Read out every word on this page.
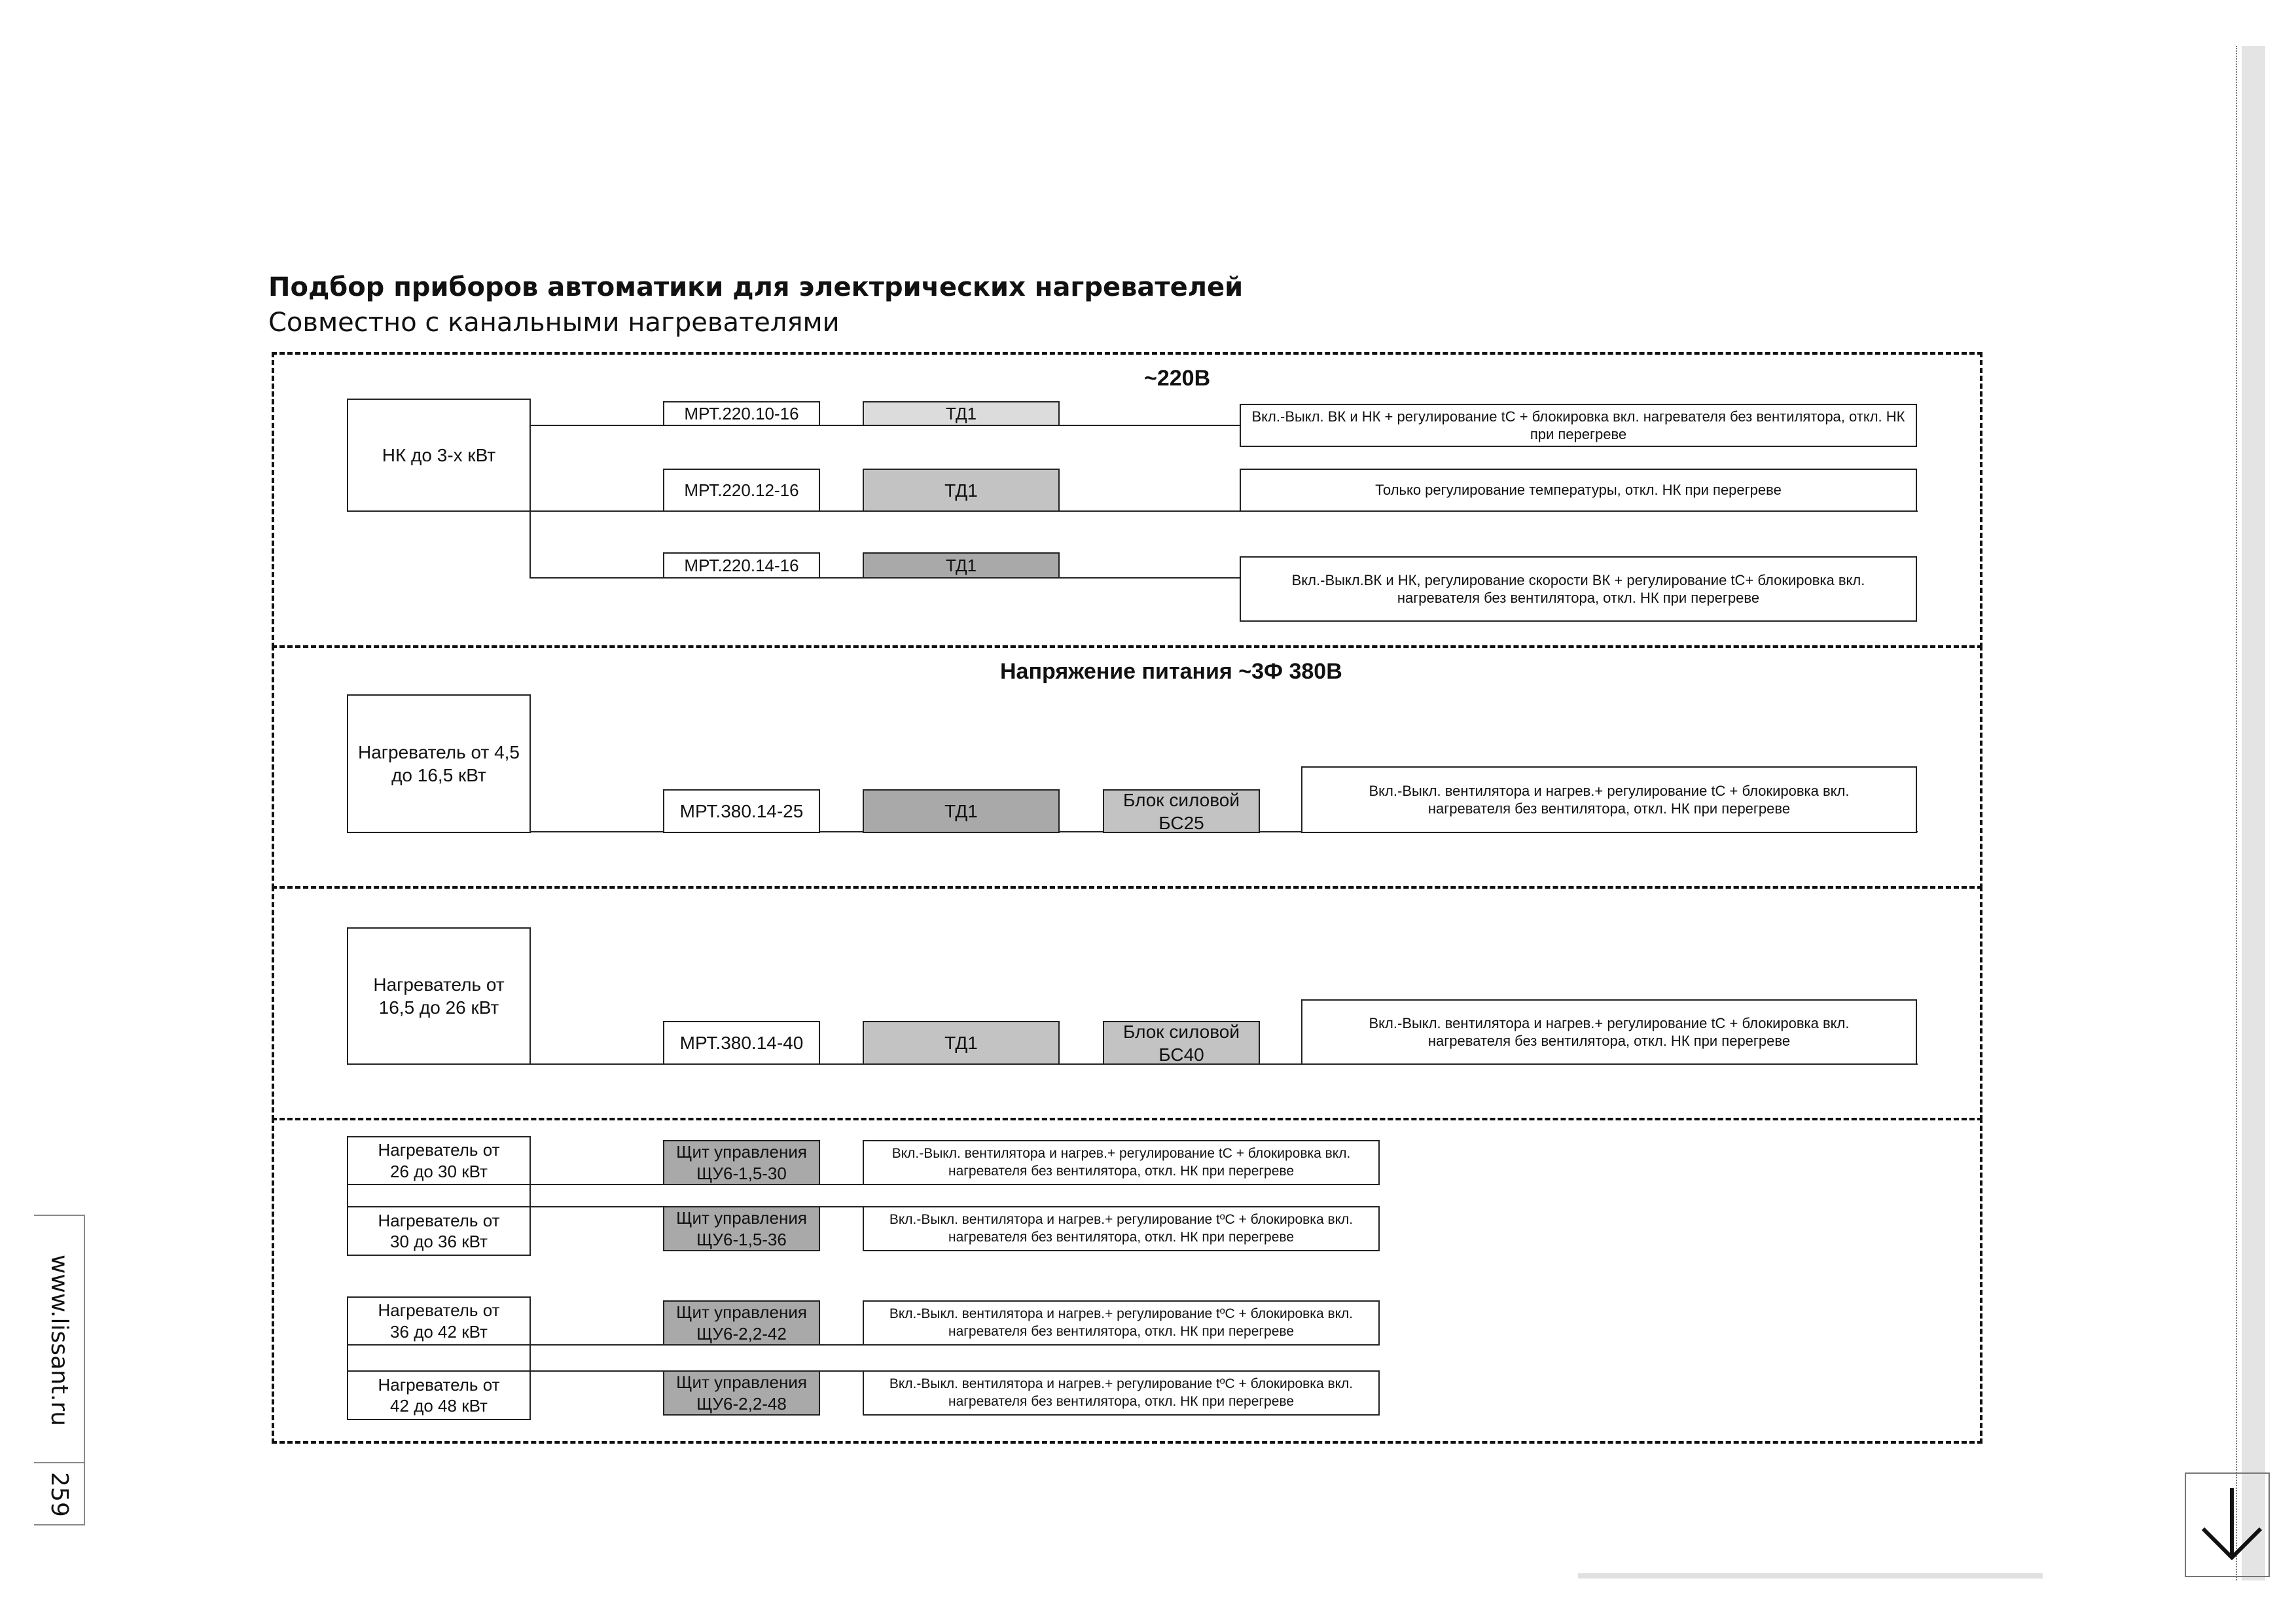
Подбор приборов автоматики для электрических нагревателей
Совместно с канальными нагревателями
~220В
НК до 3-х кВт
МРТ.220.10-16	ТД1	Вкл.-Выкл. ВК и НК + регулирование tC + блокировка вкл. нагревателя без вентилятора, откл. НК при перегреве
МРТ.220.12-16	ТД1	Только регулирование температуры, откл. НК при перегреве
МРТ.220.14-16	ТД1
Вкл.-Выкл.ВК и НК, регулирование скорости ВК + регулирование tC+ блокировка вкл. нагревателя без вентилятора, откл. НК при перегреве
Напряжение питания ~3Ф 380В
Нагреватель от 4,5 до 16,5 кВт
МРТ.380.14-25	ТД1
Блок силовой БС25
Вкл.-Выкл. вентилятора и нагрев.+ регулирование tC + блокировка вкл. нагревателя без вентилятора, откл. НК при перегреве
Нагреватель от 16,5 до 26 кВт
МРТ.380.14-40	ТД1
Блок силовой БС40
Вкл.-Выкл. вентилятора и нагрев.+ регулирование tC + блокировка вкл. нагревателя без вентилятора, откл. НК при перегреве
Нагреватель от 26 до 30 кВт
Щит управления ЩУ6-1,5-30
Вкл.-Выкл. вентилятора и нагрев.+ регулирование tC + блокировка вкл. нагревателя без вентилятора, откл. НК при перегреве
Нагреватель от 30 до 36 кВт
Щит управления ЩУ6-1,5-36
Вкл.-Выкл. вентилятора и нагрев.+ регулирование tºC + блокировка вкл. нагревателя без вентилятора, откл. НК при перегреве
Нагреватель от 36 до 42 кВт
Щит управления ЩУ6-2,2-42
Вкл.-Выкл. вентилятора и нагрев.+ регулирование tºC + блокировка вкл. нагревателя без вентилятора, откл. НК при перегреве
Нагреватель от 42 до 48 кВт
Щит управления ЩУ6-2,2-48
Вкл.-Выкл. вентилятора и нагрев.+ регулирование tºC + блокировка вкл. нагревателя без вентилятора, откл. НК при перегреве
www.lissant.ru
259
